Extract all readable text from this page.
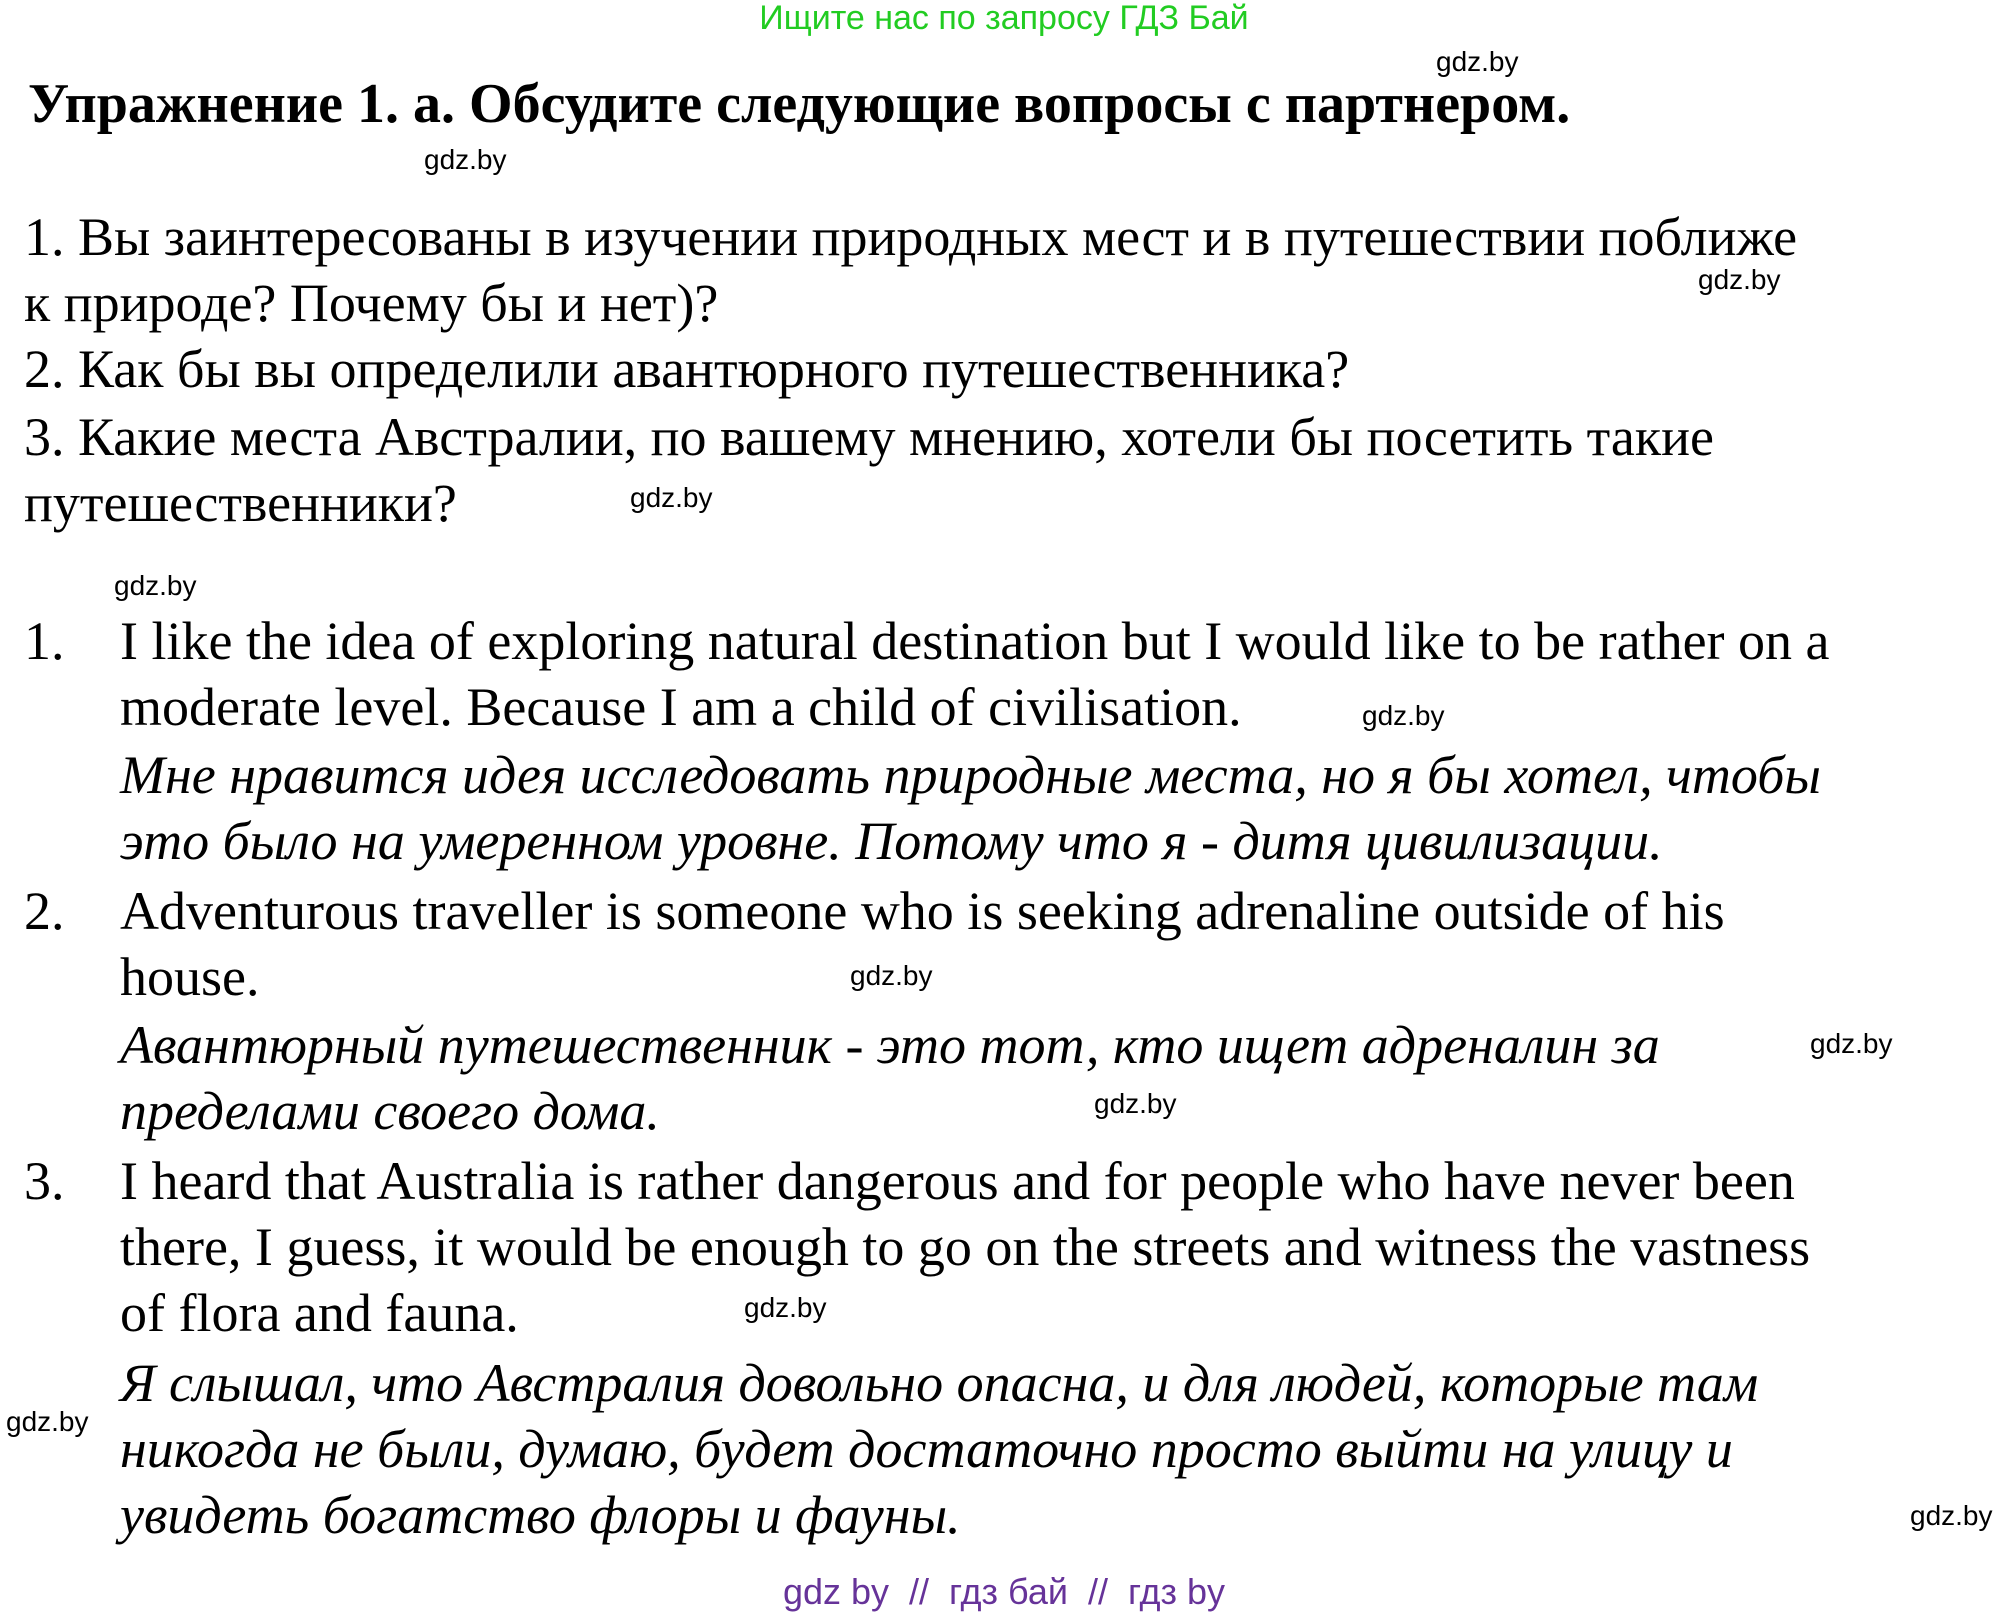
Ищите нас по запросу ГДЗ Бай
Упражнение 1. а. Обсудите следующие вопросы с партнером.
1. Вы заинтересованы в изучении природных мест и в путешествии поближе
к природе? Почему бы и нет)?
2. Как бы вы определили авантюрного путешественника?
3. Какие места Австралии, по вашему мнению, хотели бы посетить такие
путешественники?
1. I like the idea of exploring natural destination but I would like to be rather on a
moderate level. Because I am a child of civilisation.
Мне нравится идея исследовать природные места, но я бы хотел, чтобы
это было на умеренном уровне. Потому что я - дитя цивилизации.
2. Adventurous traveller is someone who is seeking adrenaline outside of his
house.
Авантюрный путешественник - это тот, кто ищет адреналин за
пределами своего дома.
3. I heard that Australia is rather dangerous and for people who have never been
there, I guess, it would be enough to go on the streets and witness the vastness
of flora and fauna.
Я слышал, что Австралия довольно опасна, и для людей, которые там
никогда не были, думаю, будет достаточно просто выйти на улицу и
увидеть богатство флоры и фауны.
gdz.by
gdz.by
gdz.by
gdz.by
gdz.by
gdz.by
gdz.by
gdz.by
gdz.by
gdz.by
gdz.by
gdz.by
gdz by  //  гдз бай  //  гдз by
